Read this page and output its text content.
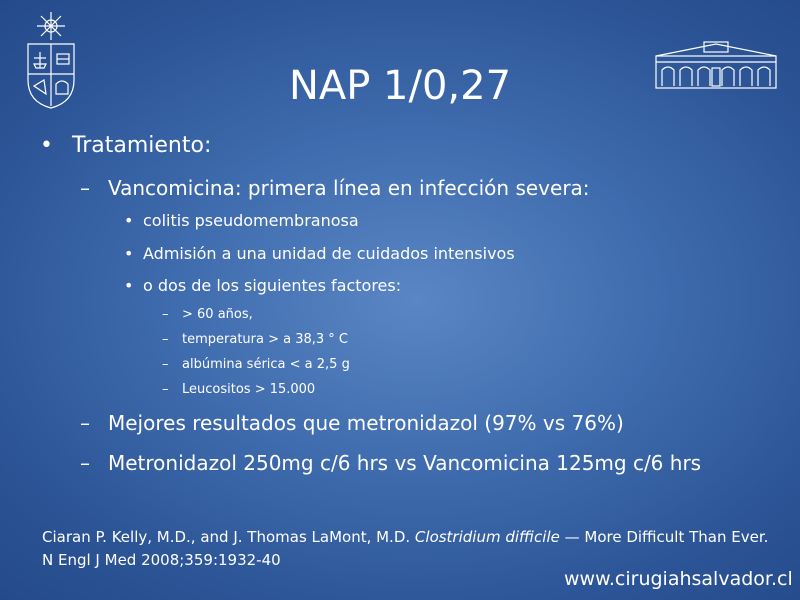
NAP 1/0,27
• Tratamiento:
– Vancomicina: primera línea en infección severa:
• colitis pseudomembranosa
• Admisión a una unidad de cuidados intensivos
• o dos de los siguientes factores:
– > 60 años,
– temperatura > a 38,3 ° C
– albúmina sérica < a 2,5 g
– Leucositos > 15.000
– Mejores resultados que metronidazol (97% vs 76%)
– Metronidazol 250mg c/6 hrs vs Vancomicina 125mg c/6 hrs
Ciaran P. Kelly, M.D., and J. Thomas LaMont, M.D. Clostridium difficile — More Difficult Than Ever. N Engl J Med 2008;359:1932-40
www.cirugiahsalvador.cl
